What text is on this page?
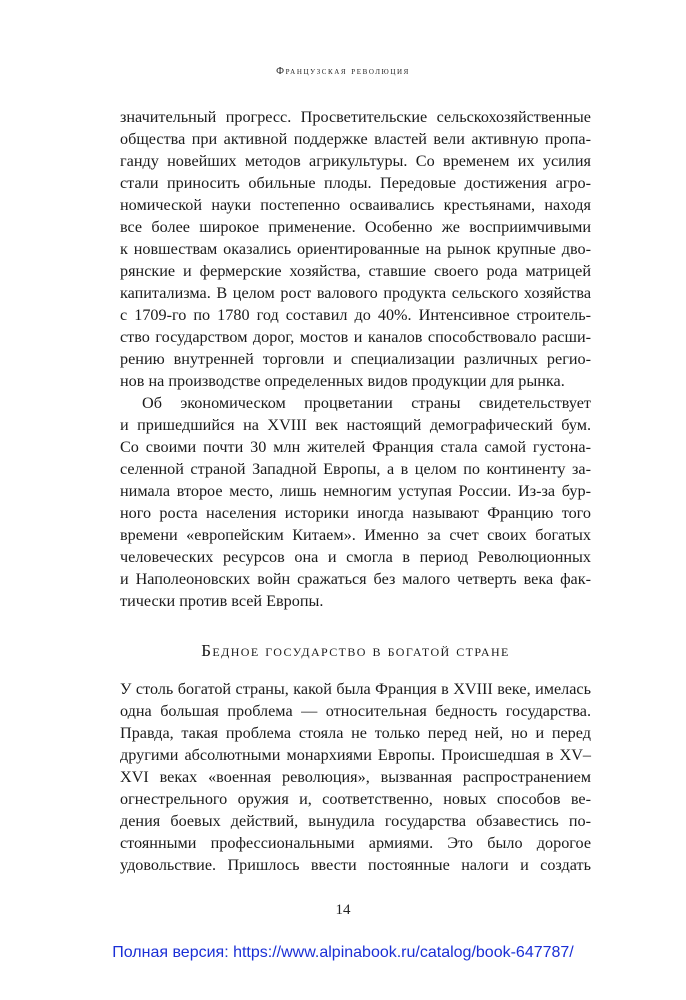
Французская революция
значительный прогресс. Просветительские сельскохозяйственные
общества при активной поддержке властей вели активную пропа-
ганду новейших методов агрикультуры. Со временем их усилия
стали приносить обильные плоды. Передовые достижения агро-
номической науки постепенно осваивались крестьянами, находя
все более широкое применение. Особенно же восприимчивыми
к новшествам оказались ориентированные на рынок крупные дво-
рянские и фермерские хозяйства, ставшие своего рода матрицей
капитализма. В целом рост валового продукта сельского хозяйства
с 1709-го по 1780 год составил до 40%. Интенсивное строитель-
ство государством дорог, мостов и каналов способствовало расши-
рению внутренней торговли и специализации различных регио-
нов на производстве определенных видов продукции для рынка.
Об экономическом процветании страны свидетельствует
и пришедшийся на XVIII век настоящий демографический бум.
Со своими почти 30 млн жителей Франция стала самой густона-
селенной страной Западной Европы, а в целом по континенту за-
нимала второе место, лишь немногим уступая России. Из-за бур-
ного роста населения историки иногда называют Францию того
времени «европейским Китаем». Именно за счет своих богатых
человеческих ресурсов она и смогла в период Революционных
и Наполеоновских войн сражаться без малого четверть века фак-
тически против всей Европы.
Бедное государство в богатой стране
У столь богатой страны, какой была Франция в XVIII веке, имелась
одна большая проблема — относительная бедность государства.
Правда, такая проблема стояла не только перед ней, но и перед
другими абсолютными монархиями Европы. Происшедшая в XV–
XVI веках «военная революция», вызванная распространением
огнестрельного оружия и, соответственно, новых способов ве-
дения боевых действий, вынудила государства обзавестись по-
стоянными профессиональными армиями. Это было дорогое
удовольствие. Пришлось ввести постоянные налоги и создать
14
Полная версия: https://www.alpinabook.ru/catalog/book-647787/
